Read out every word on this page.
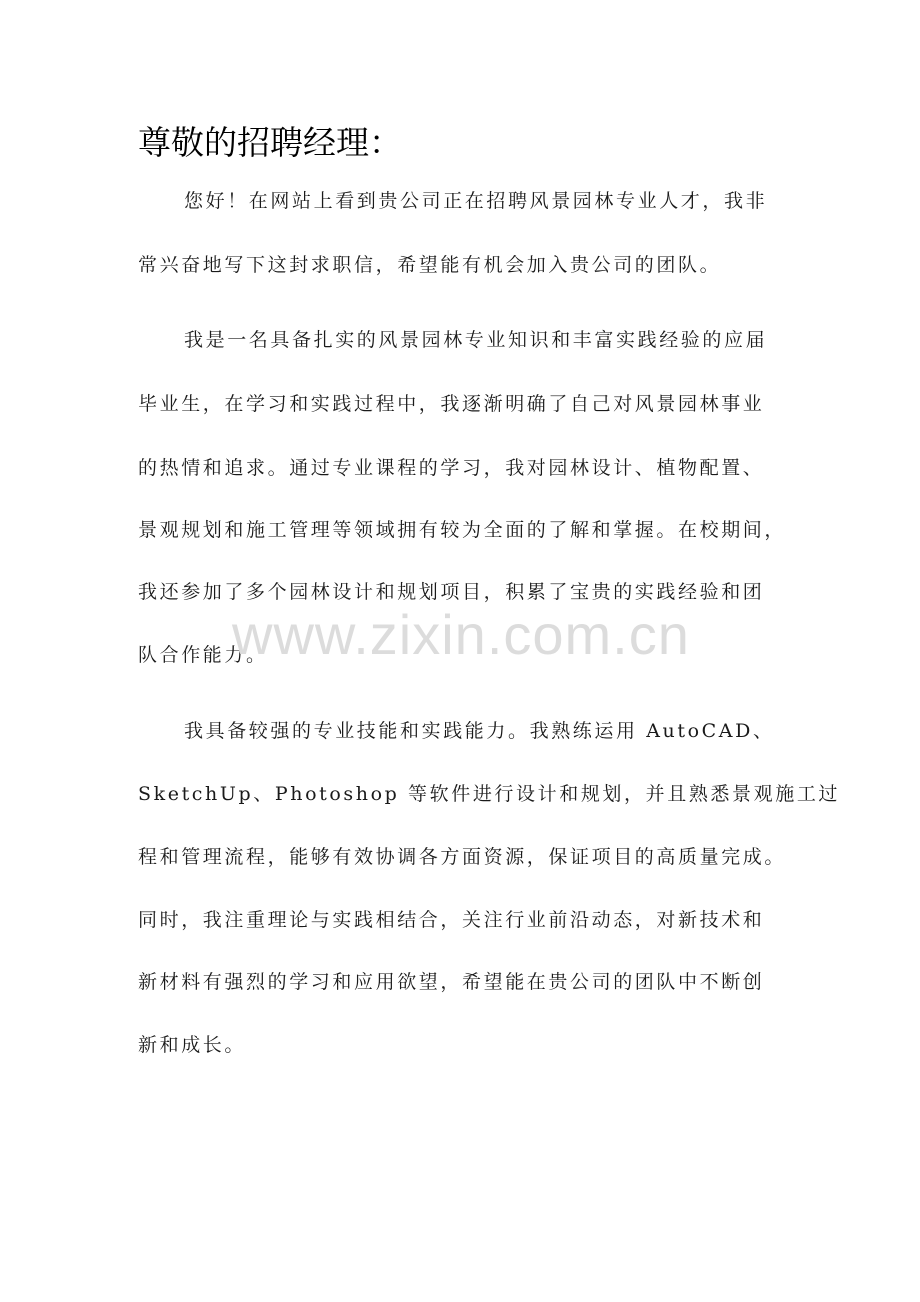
尊敬的招聘经理：

您好！在网站上看到贵公司正在招聘风景园林专业人才，我非

常兴奋地写下这封求职信，希望能有机会加入贵公司的团队。

我是一名具备扎实的风景园林专业知识和丰富实践经验的应届

毕业生，在学习和实践过程中，我逐渐明确了自己对风景园林事业

的热情和追求。通过专业课程的学习，我对园林设计、植物配置、

景观规划和施工管理等领域拥有较为全面的了解和掌握。在校期间，

我还参加了多个园林设计和规划项目，积累了宝贵的实践经验和团

队合作能力。

我具备较强的专业技能和实践能力。我熟练运用 AutoCAD、

SketchUp、Photoshop 等软件进行设计和规划，并且熟悉景观施工过

程和管理流程，能够有效协调各方面资源，保证项目的高质量完成。

同时，我注重理论与实践相结合，关注行业前沿动态，对新技术和

新材料有强烈的学习和应用欲望，希望能在贵公司的团队中不断创

新和成长。

www.zixin.com.cn
